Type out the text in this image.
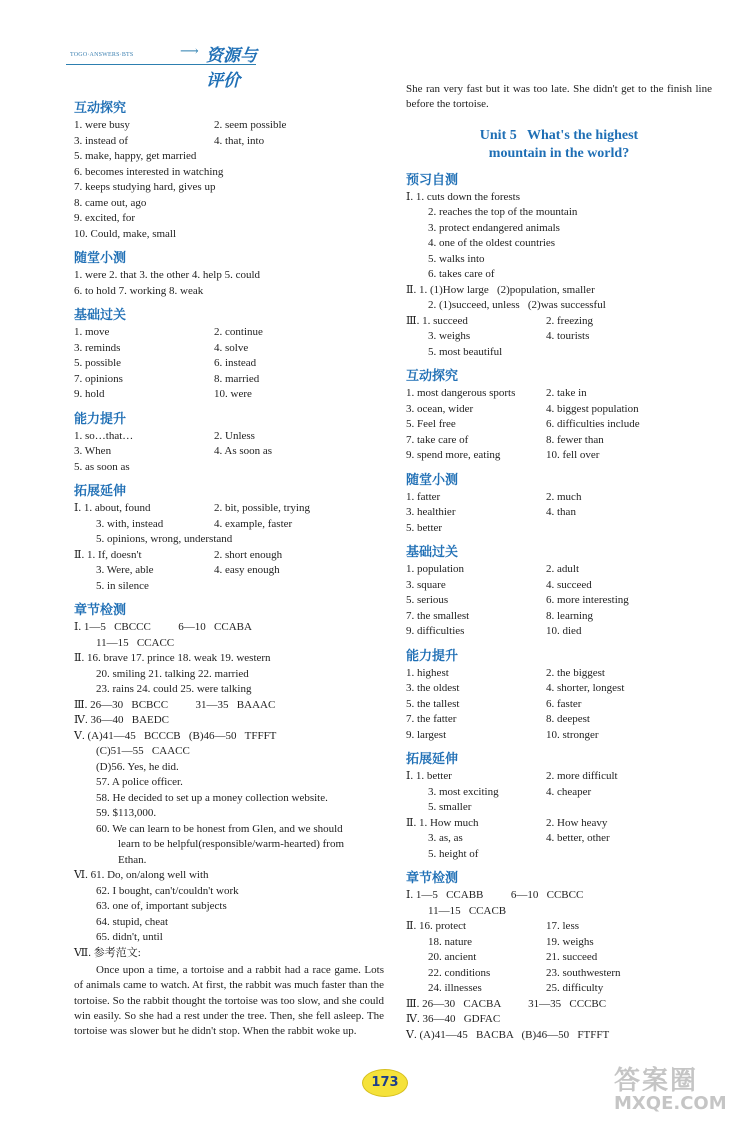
TOGO·ANSWERS·BTS	⟶ 资源与评价
互动探究
1. were busy	2. seem possible
3. instead of	4. that, into
5. make, happy, get married
6. becomes interested in watching
7. keeps studying hard, gives up
8. came out, ago
9. excited, for
10. Could, make, small
随堂小测
1. were 2. that 3. the other 4. help 5. could
6. to hold 7. working 8. weak
基础过关
1. move	2. continue
3. reminds	4. solve
5. possible	6. instead
7. opinions	8. married
9. hold	10. were
能力提升
1. so…that…	2. Unless
3. When	4. As soon as
5. as soon as
拓展延伸
Ⅰ. 1. about, found	2. bit, possible, trying
3. with, instead	4. example, faster
5. opinions, wrong, understand
Ⅱ. 1. If, doesn't	2. short enough
3. Were, able	4. easy enough
5. in silence
章节检测
Ⅰ. 1—5   CBCCC          6—10   CCABA
11—15   CCACC
Ⅱ. 16. brave 17. prince 18. weak 19. western
20. smiling 21. talking 22. married
23. rains 24. could 25. were talking
Ⅲ. 26—30   BCBCC          31—35   BAAAC
Ⅳ. 36—40   BAEDC
Ⅴ. (A)41—45   BCCCB   (B)46—50   TFFFT
(C)51—55   CAACC
(D)56. Yes, he did.
57. A police officer.
58. He decided to set up a money collection website.
59. $113,000.
60. We can learn to be honest from Glen, and we should
learn to be helpful(responsible/warm-hearted) from
Ethan.
Ⅵ. 61. Do, on/along well with
62. I bought, can't/couldn't work
63. one of, important subjects
64. stupid, cheat
65. didn't, until
Ⅶ. 参考范文:
Once upon a time, a tortoise and a rabbit had a race game. Lots of animals came to watch. At first, the rabbit was much faster than the tortoise. So the rabbit thought the tortoise was too slow, and she could win easily. So she had a rest under the tree. Then, she fell asleep. The tortoise was slower but he didn't stop. When the rabbit woke up.
She ran very fast but it was too late. She didn't get to the finish line before the tortoise.
Unit 5   What's the highest
mountain in the world?
预习自测
Ⅰ. 1. cuts down the forests
2. reaches the top of the mountain
3. protect endangered animals
4. one of the oldest countries
5. walks into
6. takes care of
Ⅱ. 1. (1)How large   (2)population, smaller
2. (1)succeed, unless   (2)was successful
Ⅲ. 1. succeed	2. freezing
3. weighs	4. tourists
5. most beautiful
互动探究
1. most dangerous sports	2. take in
3. ocean, wider	4. biggest population
5. Feel free	6. difficulties include
7. take care of	8. fewer than
9. spend more, eating	10. fell over
随堂小测
1. fatter	2. much
3. healthier	4. than
5. better
基础过关
1. population	2. adult
3. square	4. succeed
5. serious	6. more interesting
7. the smallest	8. learning
9. difficulties	10. died
能力提升
1. highest	2. the biggest
3. the oldest	4. shorter, longest
5. the tallest	6. faster
7. the fatter	8. deepest
9. largest	10. stronger
拓展延伸
Ⅰ. 1. better	2. more difficult
3. most exciting	4. cheaper
5. smaller
Ⅱ. 1. How much	2. How heavy
3. as, as	4. better, other
5. height of
章节检测
Ⅰ. 1—5   CCABB          6—10   CCBCC
11—15   CCACB
Ⅱ. 16. protect	17. less
18. nature	19. weighs
20. ancient	21. succeed
22. conditions	23. southwestern
24. illnesses	25. difficulty
Ⅲ. 26—30   CACBA          31—35   CCCBC
Ⅳ. 36—40   GDFAC
Ⅴ. (A)41—45   BACBA   (B)46—50   FTFFT
173	答案圈
MXQE.COM
